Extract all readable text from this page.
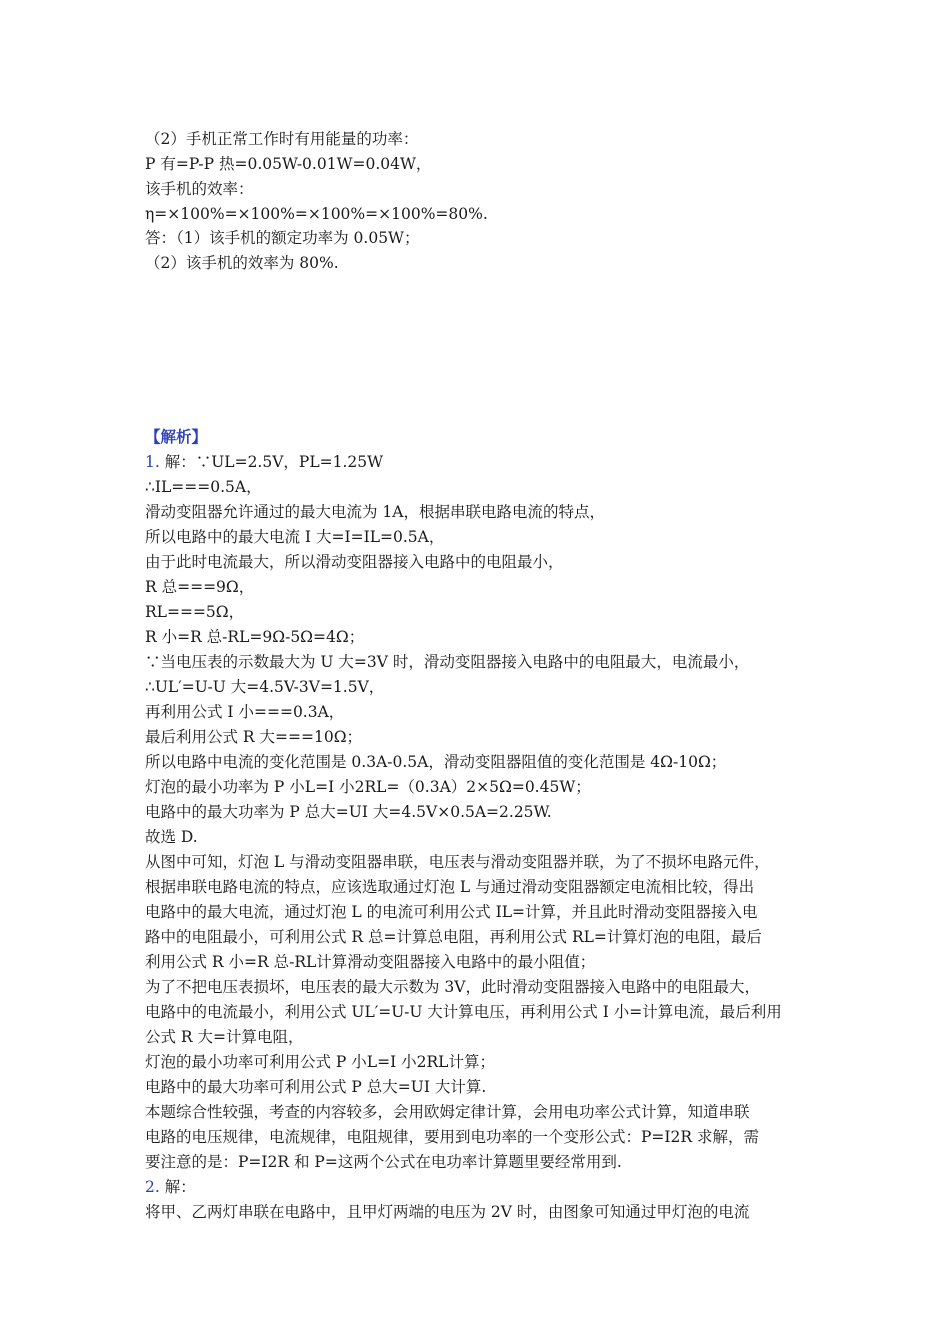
（2）手机正常工作时有用能量的功率：
P 有=P-P 热=0.05W-0.01W=0.04W，
该手机的效率：
η=×100%=×100%=×100%=×100%=80%.
答：（1）该手机的额定功率为 0.05W；
（2）该手机的效率为 80%.
【解析】
1. 解：∵UL=2.5V，PL=1.25W
∴IL===0.5A，
滑动变阻器允许通过的最大电流为 1A，根据串联电路电流的特点，
所以电路中的最大电流 I 大=I=IL=0.5A，
由于此时电流最大，所以滑动变阻器接入电路中的电阻最小，
R 总===9Ω，
RL===5Ω，
R 小=R 总-RL=9Ω-5Ω=4Ω；
∵当电压表的示数最大为 U 大=3V 时，滑动变阻器接入电路中的电阻最大，电流最小，
∴UL′=U-U 大=4.5V-3V=1.5V，
再利用公式 I 小===0.3A，
最后利用公式 R 大===10Ω；
所以电路中电流的变化范围是 0.3A-0.5A，滑动变阻器阻值的变化范围是 4Ω-10Ω；
灯泡的最小功率为 P 小L=I 小2RL=（0.3A）2×5Ω=0.45W；
电路中的最大功率为 P 总大=UI 大=4.5V×0.5A=2.25W.
故选 D.
从图中可知，灯泡 L 与滑动变阻器串联，电压表与滑动变阻器并联，为了不损坏电路元件，
根据串联电路电流的特点，应该选取通过灯泡 L 与通过滑动变阻器额定电流相比较，得出
电路中的最大电流，通过灯泡 L 的电流可利用公式 IL=计算，并且此时滑动变阻器接入电
路中的电阻最小，可利用公式 R 总=计算总电阻，再利用公式 RL=计算灯泡的电阻，最后
利用公式 R 小=R 总-RL计算滑动变阻器接入电路中的最小阻值；
为了不把电压表损坏，电压表的最大示数为 3V，此时滑动变阻器接入电路中的电阻最大，
电路中的电流最小，利用公式 UL′=U-U 大计算电压，再利用公式 I 小=计算电流，最后利用
公式 R 大=计算电阻，
灯泡的最小功率可利用公式 P 小L=I 小2RL计算；
电路中的最大功率可利用公式 P 总大=UI 大计算.
本题综合性较强，考查的内容较多，会用欧姆定律计算，会用电功率公式计算，知道串联
电路的电压规律，电流规律，电阻规律，要用到电功率的一个变形公式：P=I2R 求解，需
要注意的是：P=I2R 和 P=这两个公式在电功率计算题里要经常用到.
2. 解：
将甲、乙两灯串联在电路中，且甲灯两端的电压为 2V 时，由图象可知通过甲灯泡的电流
